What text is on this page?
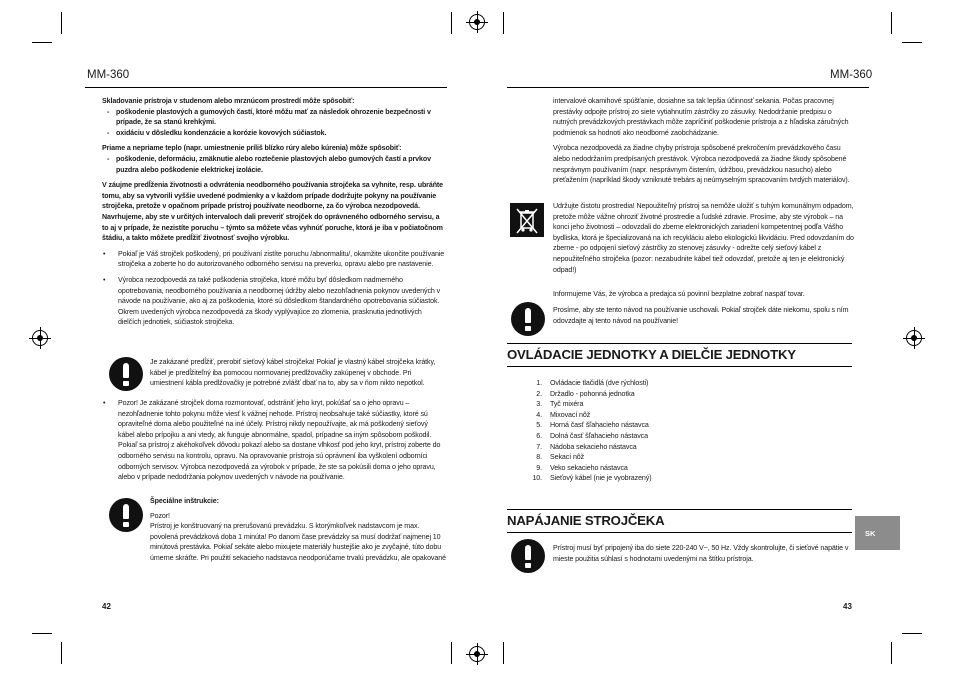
MM-360	MM-360

Skladovanie prístroja v studenom alebo mrznúcom prostredí môže spôsobiť:

- poškodenie plastových a gumových častí, ktoré môžu mať za následok ohrozenie bezpečnosti v prípade, že sa stanú krehkými.
- oxidáciu v dôsledku kondenzácie a korózie kovových súčiastok.

Priame a nepriame teplo (napr. umiestnenie príliš blízko rúry alebo kúrenia) môže spôsobiť:

- poškodenie, deformáciu, zmäknutie alebo roztečenie plastových alebo gumových častí a prvkov puzdra alebo poškodenie elektrickej izolácie.

V záujme predĺženia životnosti a odvrátenia neodborného používania strojčeka sa vyhnite, resp. ubráňte tomu, aby sa vytvorili vyššie uvedené podmienky a v každom prípade dodržujte pokyny na používanie strojčeka, pretože v opačnom prípade prístroj používate neodborne, za čo výrobca nezodpovedá. Navrhujeme, aby ste v určitých intervaloch dali preveriť strojček do oprávneného odborného servisu, a to aj v prípade, že nezistíte poruchu – týmto sa môžete včas vyhnúť poruche, ktorá je iba v počiatočnom štádiu, a takto môžete predĺžiť životnosť svojho výrobku.

• Pokiaľ je Váš strojček poškodený, pri používaní zistíte poruchu /abnormalitu/, okamžite ukončite používanie strojčeka a zoberte ho do autorizovaného odborného servisu na preverku, opravu alebo pre nastavenie.
• Výrobca nezodpovedá za také poškodenia strojčeka, ktoré môžu byť dôsledkom nadmerného opotrebovania, neodborného používania a neodbornej údržby alebo nezohľadnenia pokynov uvedených v návode na používanie, ako aj za poškodenia, ktoré sú dôsledkom štandardného opotrebovania súčiastok. Okrem uvedených výrobca nezodpovedá za škody vyplývajúce zo zlomenia, prasknutia jednotlivých dielčích jednotiek, súčiastok strojčeka.
Je zakázané predĺžiť, prerobiť sieťový kábel strojčeka! Pokiaľ je vlastný kábel strojčeka krátky, kábel je predĺžiteľný iba pomocou normovanej predlžovačky zakúpenej v obchode. Pri umiestnení kábla predlžovačky je potrebné zvlášť dbať na to, aby sa v ňom nikto nepotkol.
• Pozor! Je zakázané strojček doma rozmontovať, odstrániť jeho kryt, pokúšať sa o jeho opravu – nezohľadnenie tohto pokynu môže viesť k vážnej nehode. Prístroj neobsahuje také súčiastky, ktoré sú opraviteľné doma alebo použiteľné na iné účely. Prístroj nikdy nepoužívajte, ak má poškodený sieťový kábel alebo prípojku a ani vtedy, ak funguje abnormálne, spadol, prípadne sa iným spôsobom poškodil. Pokiaľ sa prístroj z akéhokoľvek dôvodu pokazí alebo sa dostane vlhkosť pod jeho kryt, prístroj zoberte do odborného servisu na kontrolu, opravu. Na opravovanie prístroja sú oprávnení iba vyškolení odborníci odborných servisov. Výrobca nezodpovedá za výrobok v prípade, že ste sa pokúsili doma o jeho opravu, alebo v prípade nedodržania pokynov uvedených v návode na používanie.
Špeciálne inštrukcie:
Pozor!
Prístroj je konštruovaný na prerušovanú prevádzku. S ktorýmkoľvek nadstavcom je max. povolená prevádzková doba 1 minúta! Po danom čase prevádzky sa musí dodržať najmenej 10 minútová prestávka. Pokiaľ sekáte alebo mixujete materiály hustejšie ako je zvyčajné, túto dobu úmerne skráťte. Pri použití sekacieho nadstavca neodporúčame trvalú prevádzku, ale opakované
42

intervalové okamihové spúšťanie, dosiahne sa tak lepšia účinnosť sekania. Počas pracovnej prestávky odpojte prístroj zo siete vytiahnutím zástrčky zo zásuvky. Nedodržanie predpisu o nutných prevádzkových prestávkach môže zapríčiniť poškodenie prístroja a z hľadiska záručných podmienok sa hodnotí ako neodborné zaobchádzanie.

Výrobca nezodpovedá za žiadne chyby prístroja spôsobené prekročením prevádzkového času alebo nedodržaním predpísaných prestávok. Výrobca nezodpovedá za žiadne škody spôsobené nesprávnym používaním (napr. nesprávnym čistením, údržbou, prevádzkou nasucho) alebo preťažením (napríklad škody vzniknuté trebárs aj neúmyselným spracovaním tvrdých materiálov).

Udržujte čistotu prostredia! Nepoužiteľný prístroj sa nemôže uložiť s tuhým komunálnym odpadom, pretože môže vážne ohroziť životné prostredie a ľudské zdravie. Prosíme, aby ste výrobok – na konci jeho životnosti – odovzdali do zberne elektronických zariadení kompetentnej podľa Vášho bydliska, ktorá je špecializovaná na ich recykláciu alebo ekologickú likvidáciu. Pred odovzdaním do zberne - po odpojení sieťový zástrčky zo stenovej zásuvky - odrežte celý sieťový kábel z nepoužiteľného strojčeka (pozor: nezabudnite kábel tiež odovzdať, pretože aj ten je elektronický odpad!)
Informujeme Vás, že výrobca a predajca sú povinní bezplatne zobrať naspäť tovar.
Prosíme, aby ste tento návod na používanie uschovali. Pokiaľ strojček dáte niekomu, spolu s ním odovzdajte aj tento návod na používanie!
OVLÁDACIE JEDNOTKY A DIELČIE JEDNOTKY
1. Ovládacie tlačidlá (dve rýchlosti)
2. Držadlo - pohonná jednotka
3. Tyč mixéra
4. Mixovací nôž
5. Horná časť šľahacieho nástavca
6. Dolná časť šľahacieho nástavca
7. Nádoba sekacieho nástavca
8. Sekací nôž
9. Veko sekacieho nástavca
10. Sieťový kábel (nie je vyobrazený)
NAPÁJANIE STROJČEKA
Prístroj musí byť pripojený iba do siete 220-240 V~, 50 Hz. Vždy skontrolujte, či sieťové napätie v mieste použitia súhlasí s hodnotami uvedenými na štítku prístroja.
SK
43
